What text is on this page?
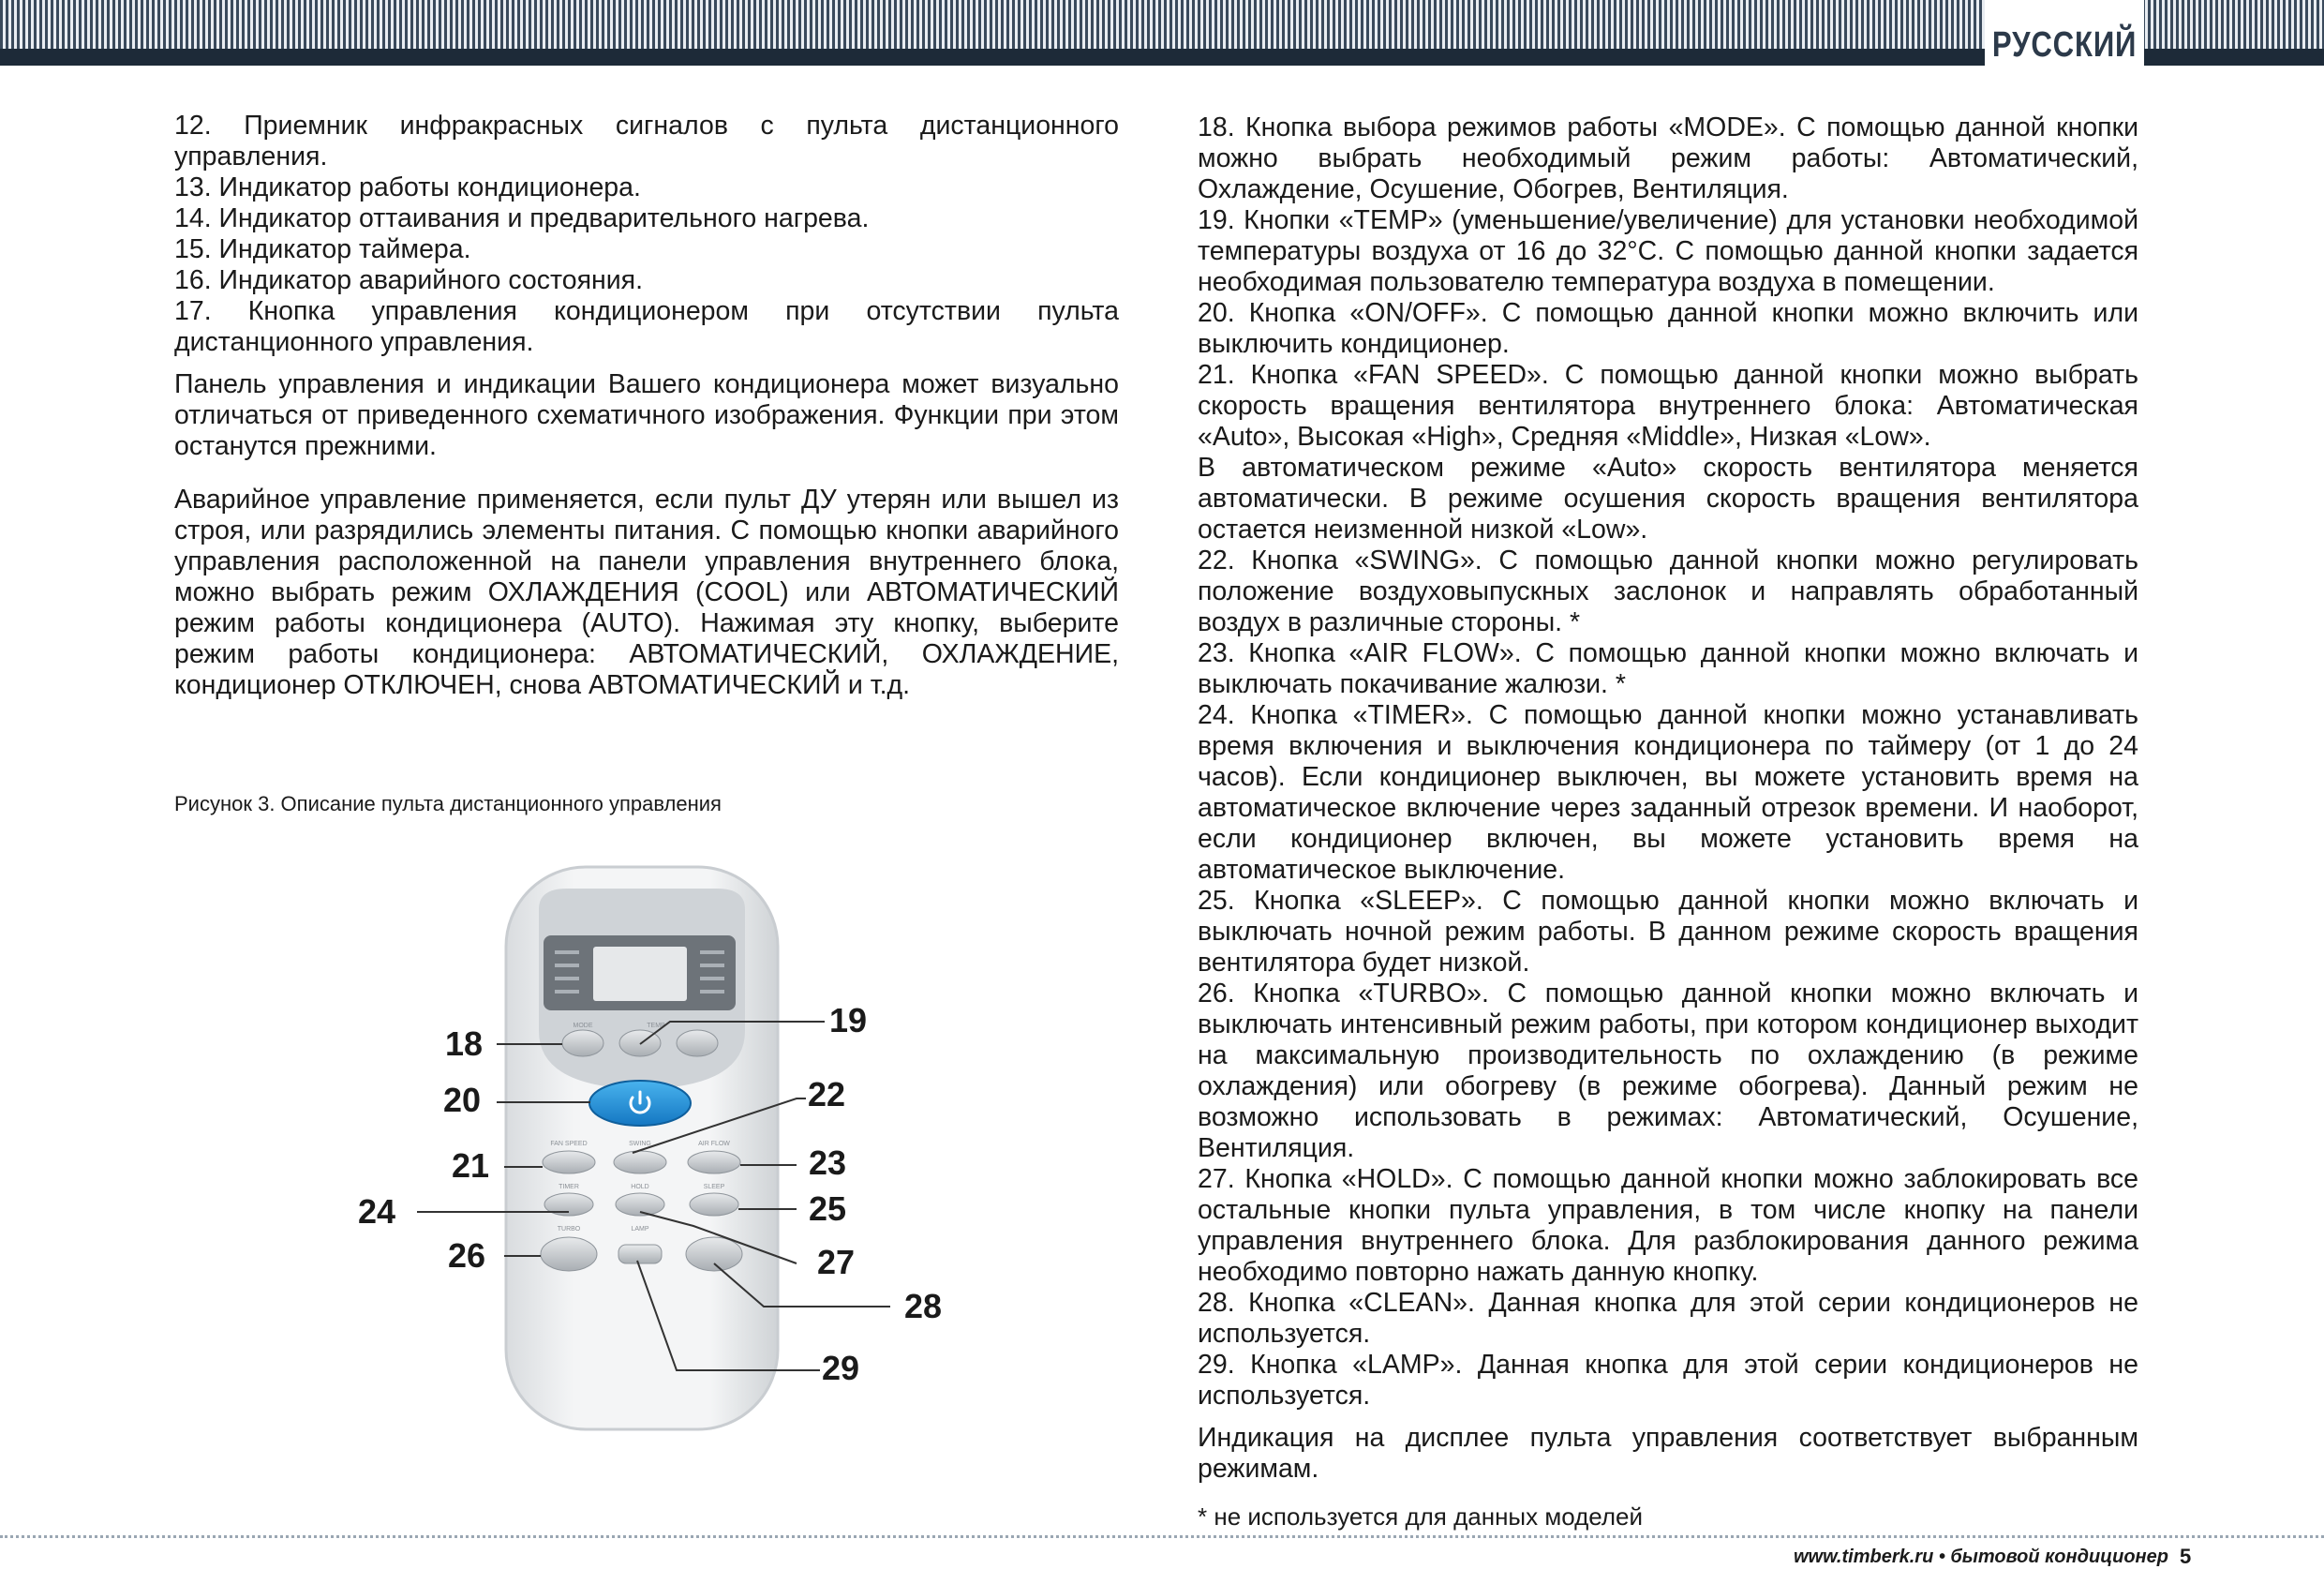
РУССКИЙ

12. Приемник инфракрасных сигналов с пульта дистанционного управления.

13. Индикатор работы кондиционера.

14. Индикатор оттаивания и предварительного нагрева.

15. Индикатор таймера.

16. Индикатор аварийного состояния.

17. Кнопка управления кондиционером при отсутствии пульта дистанционного управления.

Панель управления и индикации Вашего кондиционера может визуально отличаться от приведенного схематичного изображения. Функции при этом останутся прежними.

Аварийное управление применяется, если пульт ДУ утерян или вышел из строя, или разрядились элементы питания. С помощью кнопки аварийного управления расположенной на панели управления внутреннего блока, можно выбрать режим ОХЛАЖДЕНИЯ (COOL) или АВТОМАТИЧЕСКИЙ режим работы кондиционера (AUTO). Нажимая эту кнопку, выберите режим работы кондиционера: АВТОМАТИЧЕСКИЙ, ОХЛАЖДЕНИЕ, кондиционер ОТКЛЮЧЕН, снова АВТОМАТИЧЕСКИЙ и т.д.

Рисунок 3. Описание пульта дистанционного управления
MODE	TEMP
FAN SPEED	SWING	AIR FLOW
TIMER	HOLD	SLEEP
TURBO	LAMP
18
19
20	22
21	23
24	25
26	27
28
29

18. Кнопка выбора режимов работы «MODE». С помощью данной кнопки можно выбрать необходимый режим работы: Автоматический, Охлаждение, Осушение, Обогрев, Вентиляция.

19. Кнопки «TEMP» (уменьшение/увеличение) для установки необходимой температуры воздуха от 16 до 32°С. С помощью данной кнопки задается необходимая пользователю температура воздуха в помещении.

20. Кнопка «ON/OFF». С помощью данной кнопки можно включить или выключить кондиционер.

21. Кнопка «FAN SPEED». С помощью данной кнопки можно выбрать скорость вращения вентилятора внутреннего блока: Автоматическая «Auto», Высокая «High», Средняя «Middle», Низкая «Low».

В автоматическом режиме «Auto» скорость вентилятора меняется автоматически. В режиме осушения скорость вращения вентилятора остается неизменной низкой «Low».

22. Кнопка «SWING». С помощью данной кнопки можно регулировать положение воздуховыпускных заслонок и направлять обработанный воздух в различные стороны. *

23. Кнопка «AIR FLOW». С помощью данной кнопки можно включать и выключать покачивание жалюзи. *

24. Кнопка «TIMER». С помощью данной кнопки можно устанавливать время включения и выключения кондиционера по таймеру (от 1 до 24 часов). Если кондиционер выключен, вы можете установить время на автоматическое включение через заданный отрезок времени. И наоборот, если кондиционер включен, вы можете установить время на автоматическое выключение.

25. Кнопка «SLEEP». С помощью данной кнопки можно включать и выключать ночной режим работы. В данном режиме скорость вращения вентилятора будет низкой.

26. Кнопка «TURBO». С помощью данной кнопки можно включать и выключать интенсивный режим работы, при котором кондиционер выходит на максимальную производительность по охлаждению (в режиме охлаждения) или обогреву (в режиме обогрева). Данный режим не возможно использовать в режимах: Автоматический, Осушение, Вентиляция.

27. Кнопка «HOLD». С помощью данной кнопки можно заблокировать все остальные кнопки пульта управления, в том числе кнопку на панели управления внутреннего блока. Для разблокирования данного режима необходимо повторно нажать данную кнопку.

28. Кнопка «CLEAN». Данная кнопка для этой серии кондиционеров не используется.

29. Кнопка «LAMP». Данная кнопка для этой серии кондиционеров не используется.

Индикация на дисплее пульта управления соответствует выбранным режимам.

* не используется для данных моделей
www.timberk.ru • бытовой кондиционер 5
